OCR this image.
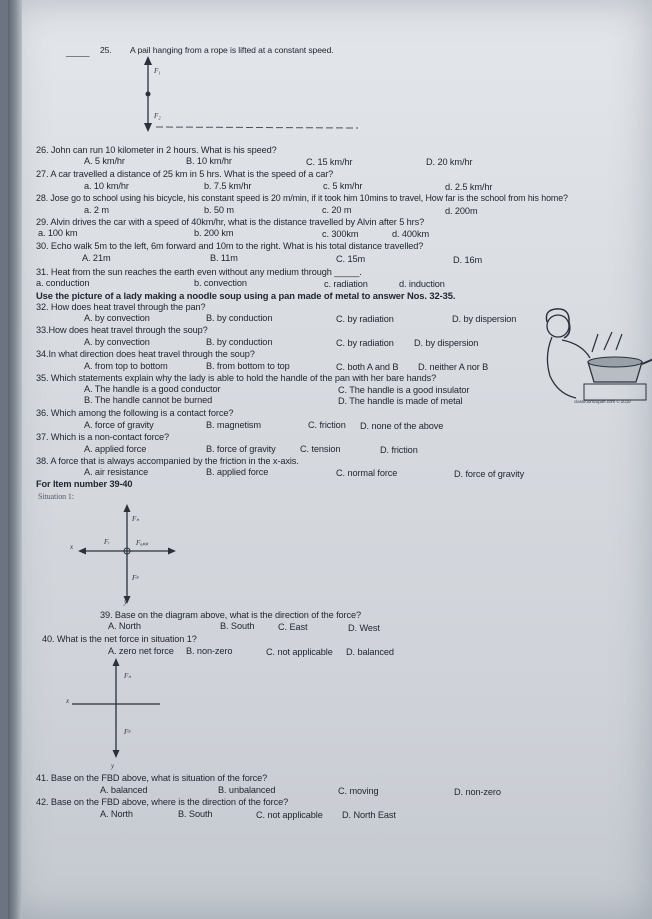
_____ 25. A pail hanging from a rope is lifted at a constant speed.
F₁
F₂
26. John can run 10 kilometer in 2 hours. What is his speed?
A. 5 km/hr	B. 10 km/hr	C. 15 km/hr	D. 20 km/hr
27. A car travelled a distance of 25 km in 5 hrs. What is the speed of a car?
a. 10 km/hr	b. 7.5 km/hr	c. 5 km/hr	d. 2.5 km/hr
28. Jose go to school using his bicycle, his constant speed is 20 m/min, if it took him 10mins to travel, How far is the school from his home?
a. 2 m	b. 50 m	c. 20 m	d. 200m
29. Alvin drives the car with a speed of 40km/hr, what is the distance travelled by Alvin after 5 hrs?
a. 100 km	b. 200 km	c. 300km	d. 400km
30. Echo walk 5m to the left, 6m forward and 10m to the right. What is his total distance travelled?
A. 21m	B. 11m	C. 15m	D. 16m
31. Heat from the sun reaches the earth even without any medium through _____.
a. conduction	b. convection	c. radiation	d. induction
Use the picture of a lady making a noodle soup using a pan made of metal to answer Nos. 32-35.
32. How does heat travel through the pan?
A. by convection	B. by conduction	C. by radiation	D. by dispersion
33.How does heat travel through the soup?
A. by convection	B. by conduction	C. by radiation D. by dispersion
34.In what direction does heat travel through the soup?
A. from top to bottom	B. from bottom to top	C. both A and B D. neither A nor B
35. Which statements explain why the lady is able to hold the handle of the pan with her bare hands?
A. The handle is a good conductor	C. The handle is a good insulator
B. The handle cannot be burned	D. The handle is made of metal	classroomclipart.com © 2019
36. Which among the following is a contact force?
A. force of gravity	B. magnetism	C. friction D. none of the above
37. Which is a non-contact force?
A. applied force	B. force of gravity	C. tension	D. friction
38. A force that is always accompanied by the friction in the x-axis.
A. air resistance	B. applied force	C. normal force	D. force of gravity
For Item number 39-40
Situation 1:
Fₙ
x
Fᵣ	Fₐₚₚ
Fᵍ
y
39. Base on the diagram above, what is the direction of the force?
A. North	B. South	C. East	D. West
40. What is the net force in situation 1?
A. zero net force B. non-zero	C. not applicable D. balanced
Fₙ
x
Fᵍ
y
41. Base on the FBD above, what is situation of the force?
A. balanced	B. unbalanced	C. moving	D. non-zero
42. Base on the FBD above, where is the direction of the force?
A. North	B. South	C. not applicable D. North East
